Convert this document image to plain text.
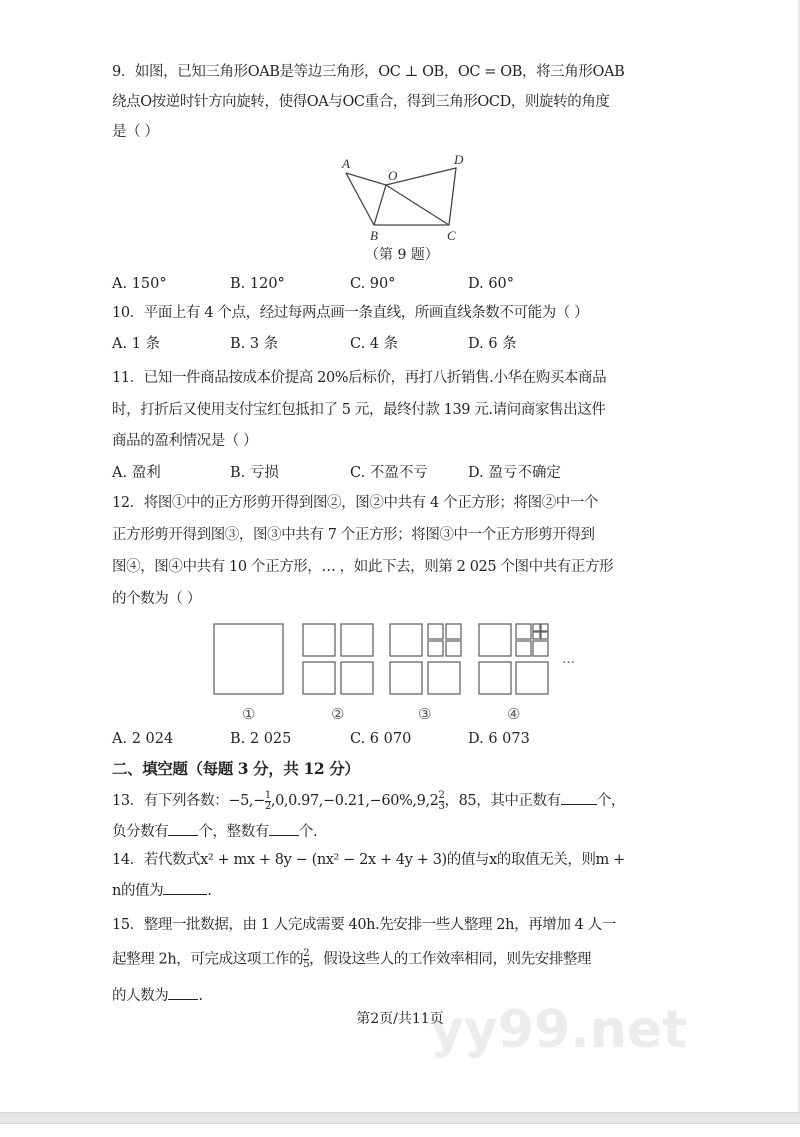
yy99.net
9．如图，已知三角形OAB是等边三角形，OC ⊥ OB，OC = OB，将三角形OAB
绕点O按逆时针方向旋转，使得OA与OC重合，得到三角形OCD，则旋转的角度
是（ ）
A
O
D
B	C
（第 9 题）
A. 150°	B. 120°	C. 90°	D. 60°
10．平面上有 4 个点，经过每两点画一条直线，所画直线条数不可能为（ ）
A. 1 条	B. 3 条	C. 4 条	D. 6 条
11．已知一件商品按成本价提高 20%后标价，再打八折销售.小华在购买本商品
时，打折后又使用支付宝红包抵扣了 5 元，最终付款 139 元.请问商家售出这件
商品的盈利情况是（ ）
A. 盈利	B. 亏损	C. 不盈不亏	D. 盈亏不确定
12．将图①中的正方形剪开得到图②，图②中共有 4 个正方形；将图②中一个
正方形剪开得到图③，图③中共有 7 个正方形；将图③中一个正方形剪开得到
图④，图④中共有 10 个正方形，… ，如此下去，则第 2 025 个图中共有正方形
的个数为（ ）
…
①	②	③	④
A. 2 024	B. 2 025	C. 6 070	D. 6 073
二、填空题（每题 3 分，共 12 分）
13．有下列各数：$-5,- \frac{1}{2} ,0,0.97,-0.21,-60\%,9,2 \frac{2}{3}$ ，85，其中正数有 个，
负分数有 个，整数有 个.
14．若代数式x² + mx + 8y − (nx² − 2x + 4y + 3)的值与x的取值无关，则m +
n的值为	.
15．整理一批数据，由 1 人完成需要 40h.先安排一些人整理 2h，再增加 4 人一
起整理 2h，可完成这项工作的 $\frac{2}{5}$ ，假设这些人的工作效率相同，则先安排整理
的人数为 .
第2页/共11页
